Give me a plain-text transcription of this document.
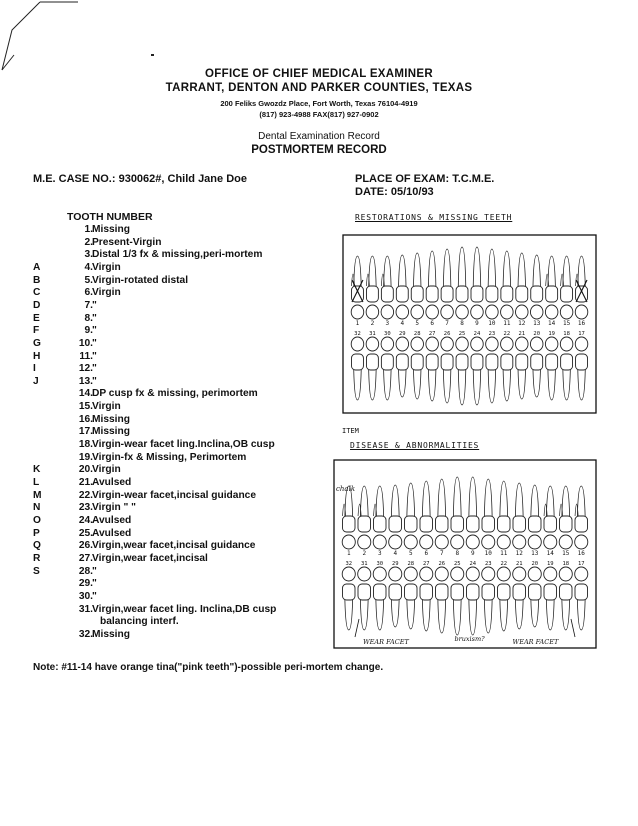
OFFICE OF CHIEF MEDICAL EXAMINER
TARRANT, DENTON AND PARKER COUNTIES, TEXAS
200 Feliks Gwozdz Place, Fort Worth, Texas 76104-4919
(817) 923-4988 FAX(817) 927-0902
Dental Examination Record
POSTMORTEM RECORD
M.E. CASE NO.: 930062#, Child Jane Doe	PLACE OF EXAM: T.C.M.E.
DATE: 05/10/93
TOOTH NUMBER
1. Missing
2. Present-Virgin
3. Distal 1/3 fx & missing,peri-mortem
A	4. Virgin
B	5. Virgin-rotated distal
C	6. Virgin
D	7. "
E	8. "
F	9. "
G	10. "
H	11. "
I	12. "
J	13. "
14. DP cusp fx & missing, perimortem
15. Virgin
16. Missing
17. Missing
18. Virgin-wear facet ling.Inclina,OB cusp
19. Virgin-fx & Missing, Perimortem
K	20. Virgin
L	21. Avulsed
M	22. Virgin-wear facet,incisal guidance
N	23. Virgin " "
O	24. Avulsed
P	25. Avulsed
Q	26. Virgin,wear facet,incisal guidance
R	27. Virgin,wear facet,incisal
S	28. "
29. "
30. "
31. Virgin,wear facet ling. Inclina,DB cusp
balancing interf.
32. Missing
Note: #11-14 have orange tina("pink teeth")-possible peri-mortem change.
RESTORATIONS & MISSING TEETH
ITEM
DISEASE & ABNORMALITIES
1
32
2
31
3
30
4
29
5
28
6
27
7
26
8
25
9
24
10
23
11
22
12
21
13
20
14
19
15
18
16
17
1
32
2
31
3
30
4
29
5
28
6
27
7
26
8
25
9
24
10
23
11
22
12
21
13
20
14
19
15
18
16
17
WEAR FACET	bruxism?	WEAR FACET
chalk
